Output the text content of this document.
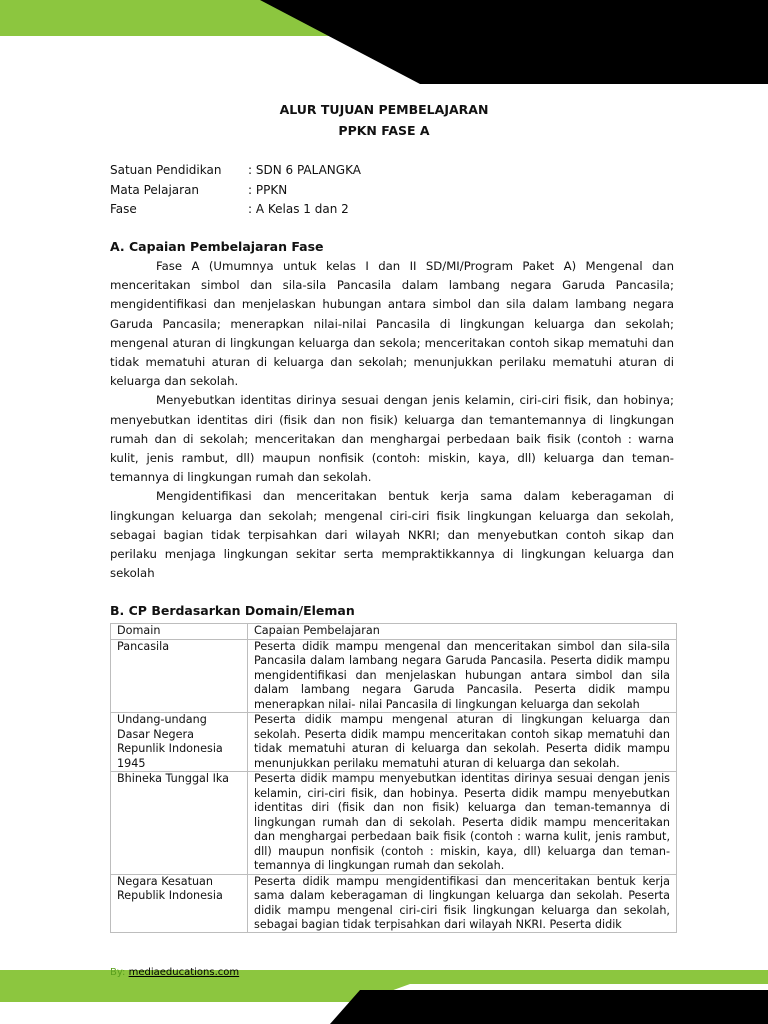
ALUR TUJUAN PEMBELAJARAN
PPKN FASE A
Satuan Pendidikan	: SDN 6 PALANGKA
Mata Pelajaran	: PPKN
Fase	: A Kelas 1 dan 2
A. Capaian Pembelajaran Fase

Fase A (Umumnya untuk kelas I dan II SD/MI/Program Paket A) Mengenal dan menceritakan simbol dan sila-sila Pancasila dalam lambang negara Garuda Pancasila; mengidentifikasi dan menjelaskan hubungan antara simbol dan sila dalam lambang negara Garuda Pancasila; menerapkan nilai-nilai Pancasila di lingkungan keluarga dan sekolah; mengenal aturan di lingkungan keluarga dan sekola; menceritakan contoh sikap mematuhi dan tidak mematuhi aturan di keluarga dan sekolah; menunjukkan perilaku mematuhi aturan di keluarga dan sekolah.

Menyebutkan identitas dirinya sesuai dengan jenis kelamin, ciri-ciri fisik, dan hobinya; menyebutkan identitas diri (fisik dan non fisik) keluarga dan temantemannya di lingkungan rumah dan di sekolah; menceritakan dan menghargai perbedaan baik fisik (contoh : warna kulit, jenis rambut, dll) maupun nonfisik (contoh: miskin, kaya, dll) keluarga dan teman-temannya di lingkungan rumah dan sekolah.

Mengidentifikasi dan menceritakan bentuk kerja sama dalam keberagaman di lingkungan keluarga dan sekolah; mengenal ciri-ciri fisik lingkungan keluarga dan sekolah, sebagai bagian tidak terpisahkan dari wilayah NKRI; dan menyebutkan contoh sikap dan perilaku menjaga lingkungan sekitar serta mempraktikkannya di lingkungan keluarga dan sekolah

B. CP Berdasarkan Domain/Eleman
Domain	Capaian Pembelajaran
Pancasila	Peserta didik mampu mengenal dan menceritakan simbol dan sila-sila Pancasila dalam lambang negara Garuda Pancasila. Peserta didik mampu mengidentifikasi dan menjelaskan hubungan antara simbol dan sila dalam lambang negara Garuda Pancasila. Peserta didik mampu menerapkan nilai- nilai Pancasila di lingkungan keluarga dan sekolah
Undang-undang Dasar Negera Repunlik Indonesia 1945	Peserta didik mampu mengenal aturan di lingkungan keluarga dan sekolah. Peserta didik mampu menceritakan contoh sikap mematuhi dan tidak mematuhi aturan di keluarga dan sekolah. Peserta didik mampu menunjukkan perilaku mematuhi aturan di keluarga dan sekolah.
Bhineka Tunggal Ika	Peserta didik mampu menyebutkan identitas dirinya sesuai dengan jenis kelamin, ciri-ciri fisik, dan hobinya. Peserta didik mampu menyebutkan identitas diri (fisik dan non fisik) keluarga dan teman-temannya di lingkungan rumah dan di sekolah. Peserta didik mampu menceritakan dan menghargai perbedaan baik fisik (contoh : warna kulit, jenis rambut, dll) maupun nonfisik (contoh : miskin, kaya, dll) keluarga dan teman-temannya di lingkungan rumah dan sekolah.

Negara Kesatuan Republik Indonesia	Peserta didik mampu mengidentifikasi dan menceritakan bentuk kerja sama dalam keberagaman di lingkungan keluarga dan sekolah. Peserta didik mampu mengenal ciri-ciri fisik lingkungan keluarga dan sekolah, sebagai bagian tidak terpisahkan dari wilayah NKRI. Peserta didik
By: mediaeducations.com
